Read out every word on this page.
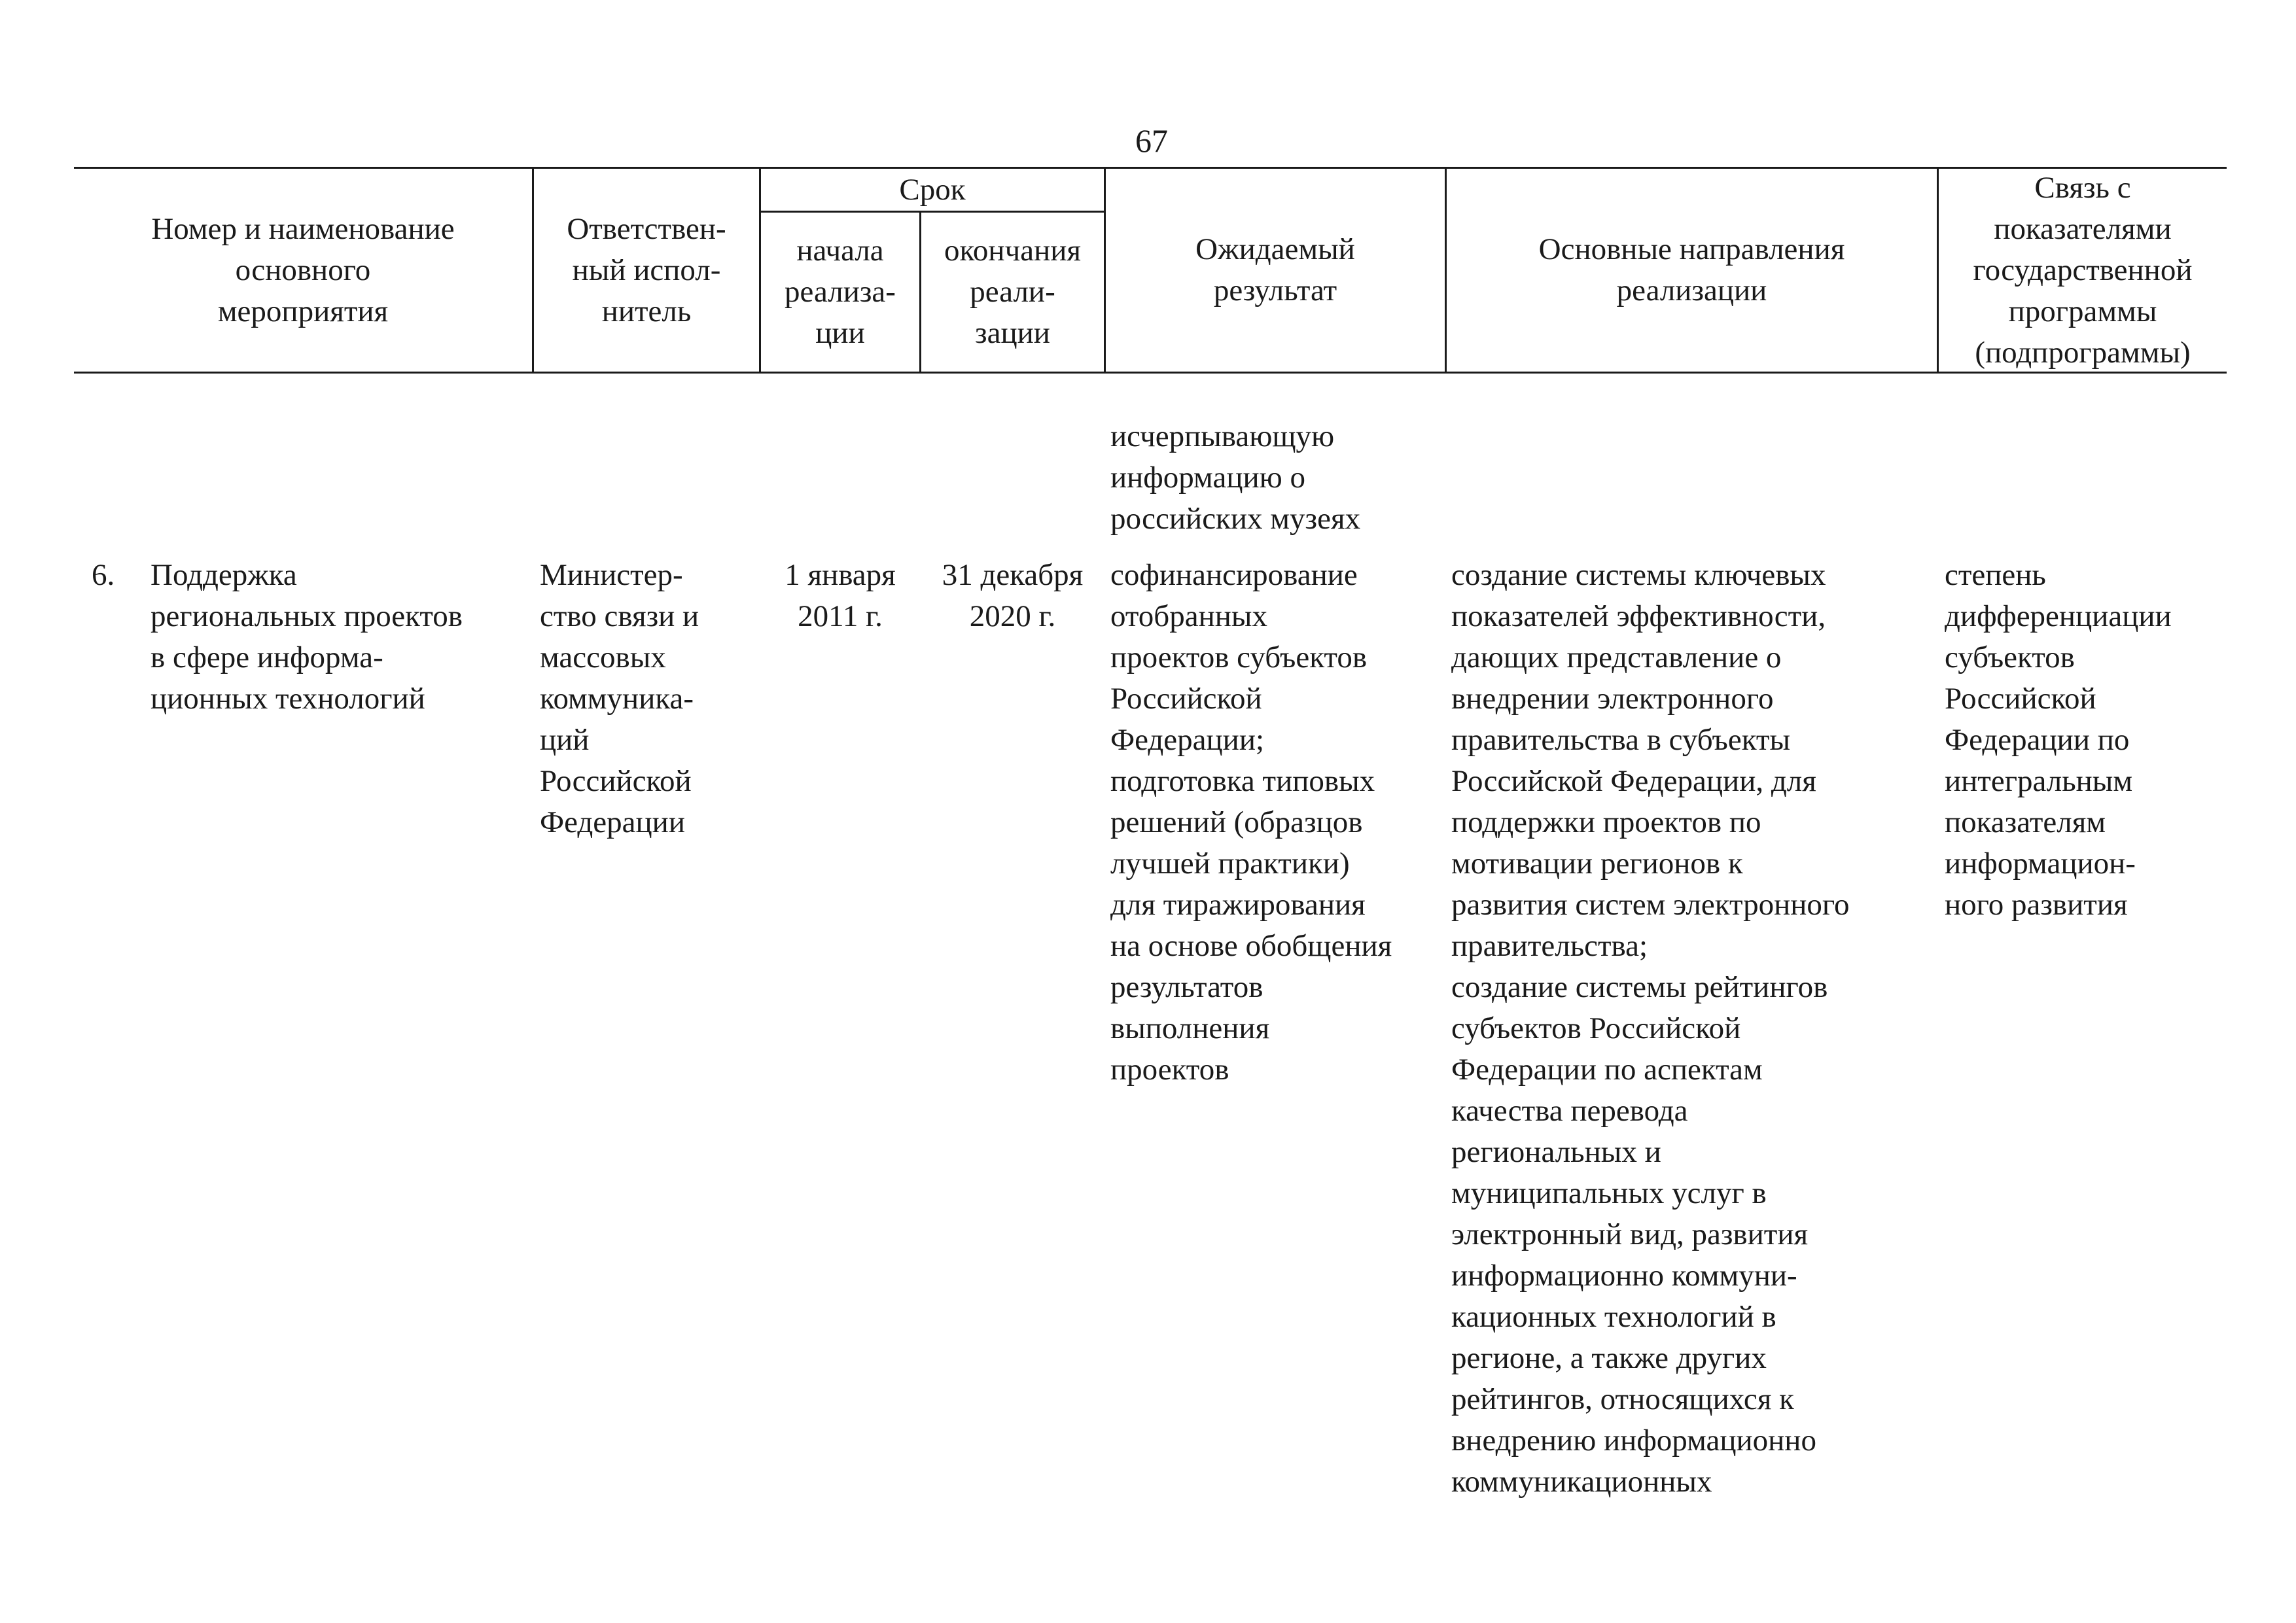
67
Номер и наименование
основного
мероприятия
Ответствен-
ный испол-
нитель
Срок
начала
реализа-
ции
окончания
реали-
зации
Ожидаемый
результат
Основные направления
реализации
Связь с
показателями
государственной
программы
(подпрограммы)
исчерпывающую
информацию о
российских музеях
6.	Поддержка
региональных проектов
в сфере информа-
ционных технологий
Министер-
ство связи и
массовых
коммуника-
ций
Российской
Федерации
1 января
2011 г.
31 декабря
2020 г.
софинансирование
отобранных
проектов субъектов
Российской
Федерации;
подготовка типовых
решений (образцов
лучшей практики)
для тиражирования
на основе обобщения
результатов
выполнения
проектов
создание системы ключевых
показателей эффективности,
дающих представление о
внедрении электронного
правительства в субъекты
Российской Федерации, для
поддержки проектов по
мотивации регионов к
развития систем электронного
правительства;
создание системы рейтингов
субъектов Российской
Федерации по аспектам
качества перевода
региональных и
муниципальных услуг в
электронный вид, развития
информационно коммуни-
кационных технологий в
регионе, а также других
рейтингов, относящихся к
внедрению информационно
коммуникационных
степень
дифференциации
субъектов
Российской
Федерации по
интегральным
показателям
информацион-
ного развития
